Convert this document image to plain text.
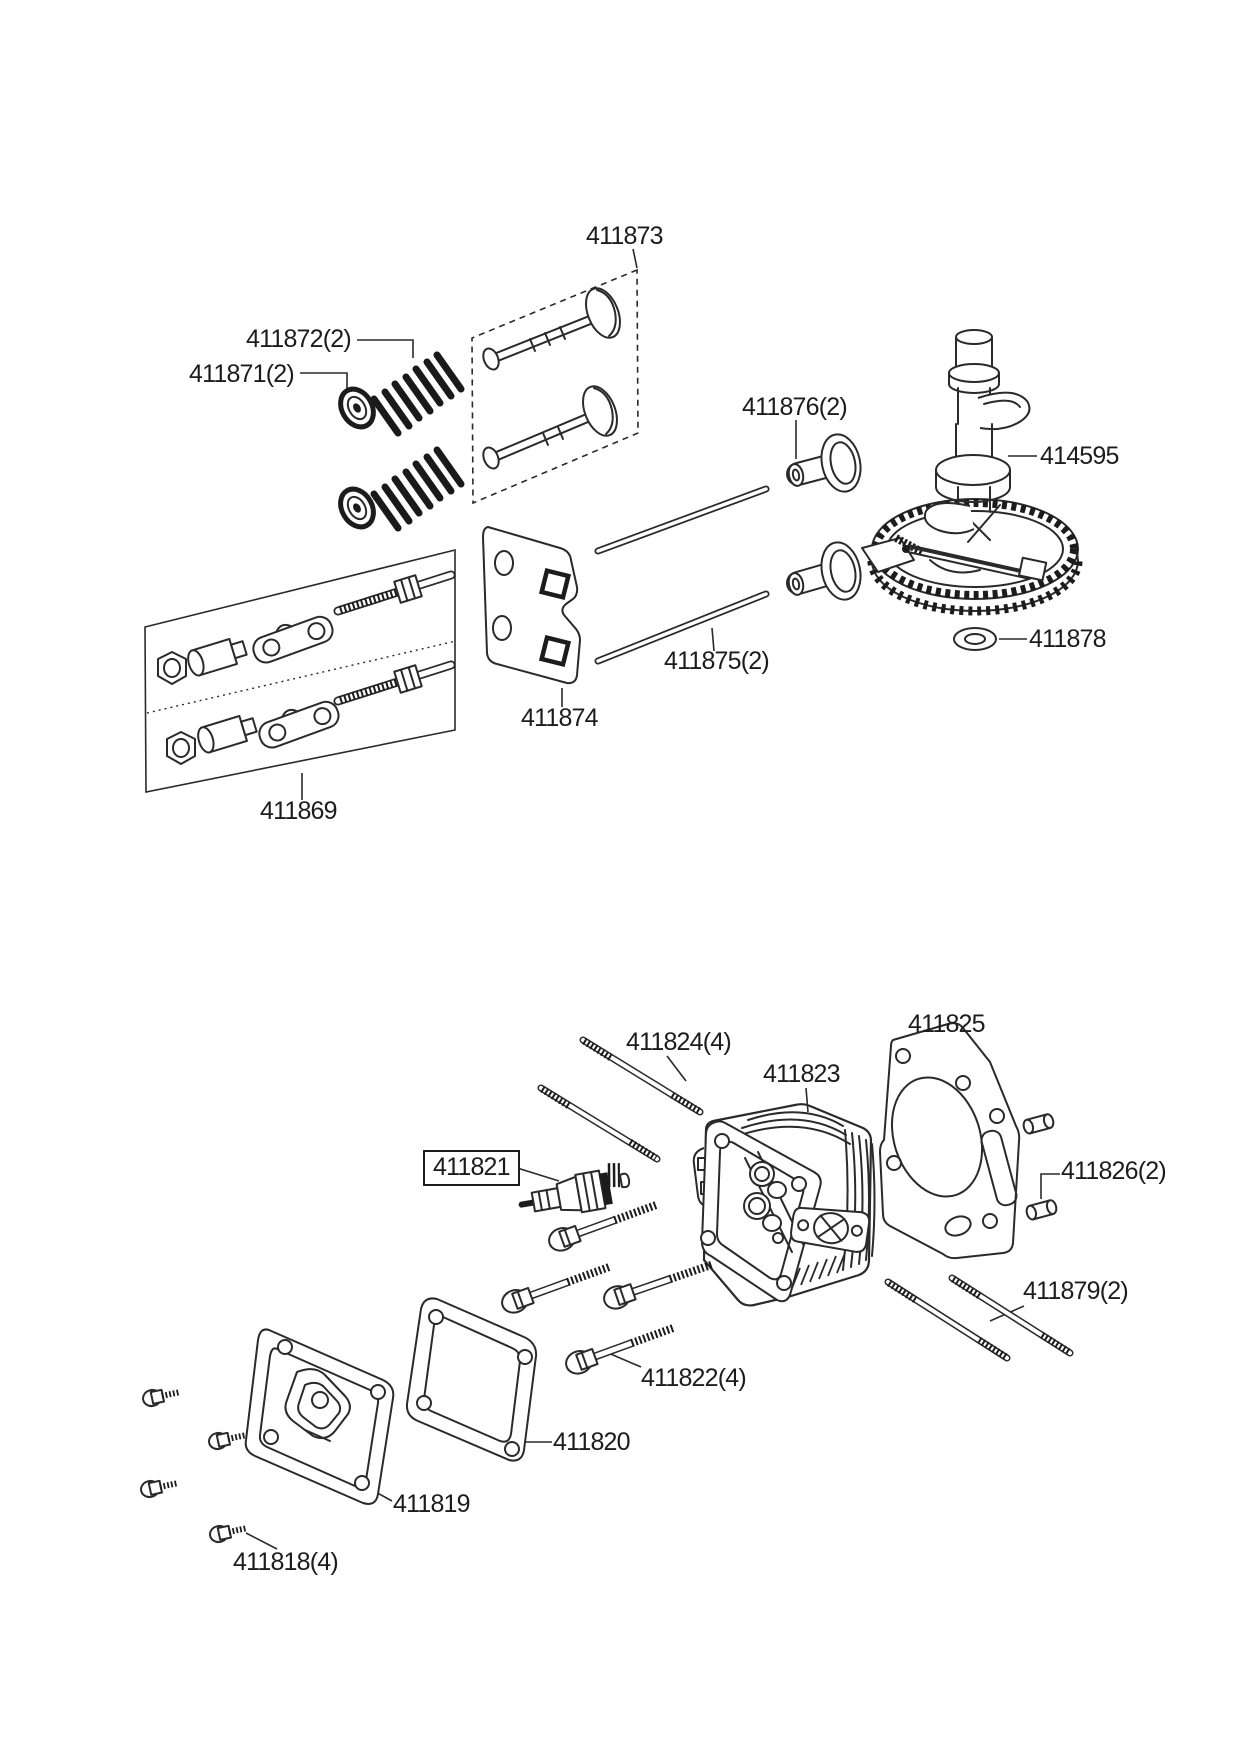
411873
411872(2)
411871(2)
411876(2)
414595
411878
411875(2)
411874
411869
411824(4)
411823
411825
411826(2)
411879(2)
411822(4)
411821
411820
411819
411818(4)
